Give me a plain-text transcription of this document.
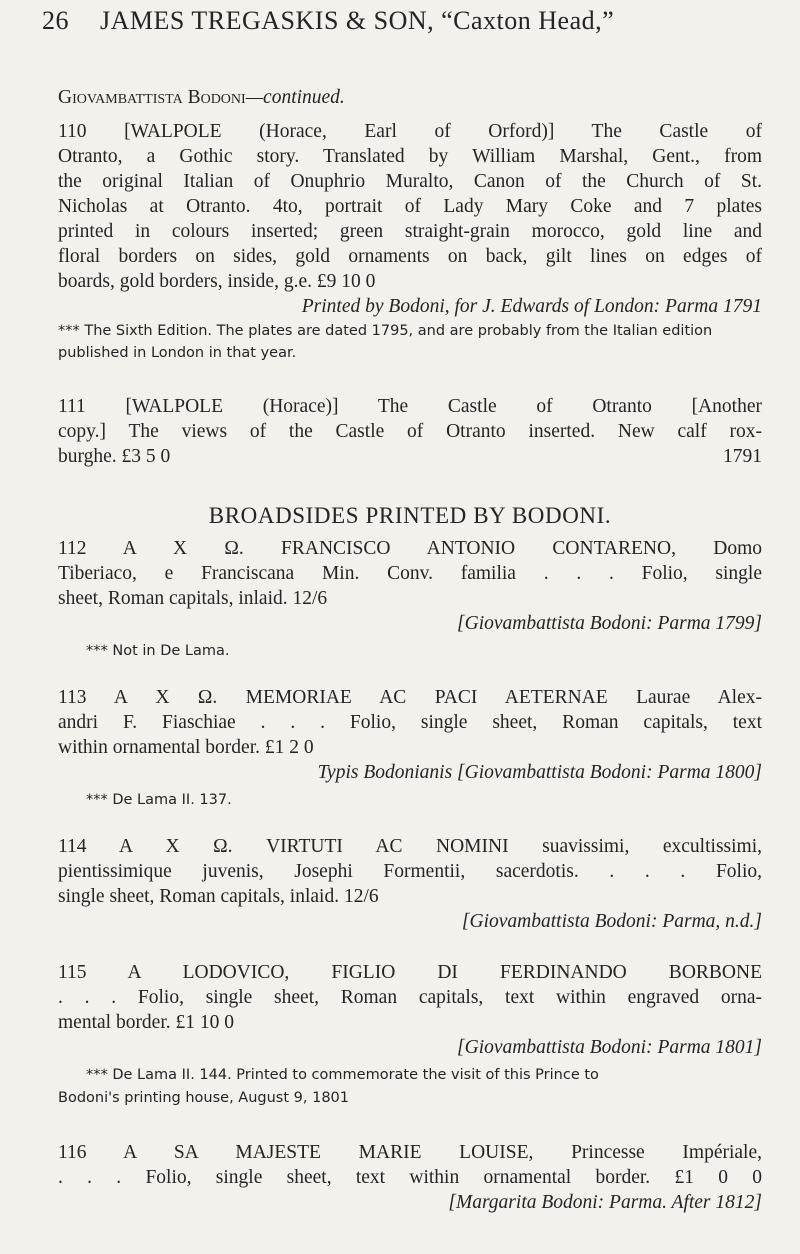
26 JAMES TREGASKIS & SON, “Caxton Head,”
Giovambattista Bodoni—continued.
110 [WALPOLE (Horace, Earl of Orford)] The Castle of
Otranto, a Gothic story. Translated by William Marshal, Gent., from
the original Italian of Onuphrio Muralto, Canon of the Church of St.
Nicholas at Otranto. 4to, portrait of Lady Mary Coke and 7 plates
printed in colours inserted; green straight-grain morocco, gold line and
floral borders on sides, gold ornaments on back, gilt lines on edges of
boards, gold borders, inside, g.e. £9 10 0
Printed by Bodoni, for J. Edwards of London: Parma 1791
*** The Sixth Edition. The plates are dated 1795, and are probably from the Italian edition published in London in that year.
111 [WALPOLE (Horace)] The Castle of Otranto [Another
copy.] The views of the Castle of Otranto inserted. New calf rox-
burghe. £3 5 0	1791
BROADSIDES PRINTED BY BODONI.
112 A X Ω. FRANCISCO ANTONIO CONTARENO, Domo
Tiberiaco, e Franciscana Min. Conv. familia . . . Folio, single
sheet, Roman capitals, inlaid. 12/6
[Giovambattista Bodoni: Parma 1799]
*** Not in De Lama.
113 A X Ω. MEMORIAE AC PACI AETERNAE Laurae Alex-
andri F. Fiaschiae . . . Folio, single sheet, Roman capitals, text
within ornamental border. £1 2 0
Typis Bodonianis [Giovambattista Bodoni: Parma 1800]
*** De Lama II. 137.
114 A X Ω. VIRTUTI AC NOMINI suavissimi, excultissimi,
pientissimique juvenis, Josephi Formentii, sacerdotis. . . . Folio,
single sheet, Roman capitals, inlaid. 12/6
[Giovambattista Bodoni: Parma, n.d.]
115 A LODOVICO, FIGLIO DI FERDINANDO BORBONE
. . . Folio, single sheet, Roman capitals, text within engraved orna-
mental border. £1 10 0
[Giovambattista Bodoni: Parma 1801]
*** De Lama II. 144. Printed to commemorate the visit of this Prince to
Bodoni's printing house, August 9, 1801
116 A SA MAJESTE MARIE LOUISE, Princesse Impériale,
. . . Folio, single sheet, text within ornamental border. £1 0 0
[Margarita Bodoni: Parma. After 1812]
